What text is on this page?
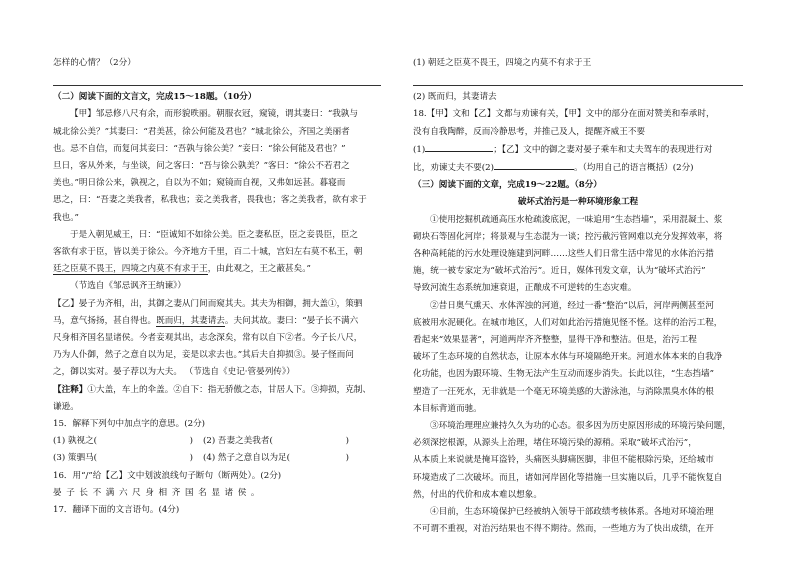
怎样的心情？（2分）
（二）阅读下面的文言文，完成15～18题。（10分）
【甲】邹忌修八尺有余，而形貌昳丽。朝服衣冠，窥镜，谓其妻曰：“我孰与
城北徐公美？”其妻曰：“君美甚，徐公何能及君也？”城北徐公，齐国之美丽者
也。忌不自信，而复问其妾曰：“吾孰与徐公美？”妾曰：“徐公何能及君也？”
旦日，客从外来，与坐谈，问之客曰：“吾与徐公孰美？”客曰：“徐公不若君之
美也。”明日徐公来，孰视之，自以为不如；窥镜而自视，又弗如远甚。暮寝而
思之，曰：“吾妻之美我者，私我也；妾之美我者，畏我也；客之美我者，欲有求于
我也。”
于是入朝见威王，曰：“臣诚知不如徐公美。臣之妻私臣，臣之妾畏臣，臣之
客欲有求于臣，皆以美于徐公。今齐地方千里，百二十城，宫妇左右莫不私王，朝
廷之臣莫不畏王，四境之内莫不有求于王，由此观之，王之蔽甚矣。”
（节选自《邹忌讽齐王纳谏》）
【乙】晏子为齐相，出，其御之妻从门间而窥其夫。其夫为相御，拥大盖①，策驷
马，意气扬扬，甚自得也。既而归，其妻请去。夫问其故。妻曰：“晏子长不满六
尺身相齐国名显诸侯。今者妾观其出，志念深矣，常有以自下②者。今子长八尺，
乃为人仆御，然子之意自以为足，妾是以求去也。”其后夫自抑损③。晏子怪而问
之，御以实对。晏子荐以为大夫。 （节选自《史记·管晏列传》）
【注释】①大盖，车上的伞盖。②自下：指无骄傲之态，甘居人下。③抑损，克制、
谦逊。
15．解释下列句中加点字的意思。(2分)
(1) 孰视之(	)	(2) 吾妻之美我者(	)
(3) 策驷马(	)	(4) 然子之意自以为足(	)
16．用“/”给【乙】文中划波浪线句子断句（断两处）。(2分)
晏子长不满六尺身相齐国名显诸侯。
17．翻译下面的文言语句。(4分)
(1) 朝廷之臣莫不畏王，四境之内莫不有求于王
(2) 既而归，其妻请去
18.【甲】文和【乙】文都与劝谏有关，【甲】文中的部分在面对赞美和奉承时，
没有自我陶醉，反而冷静思考，并推己及人，提醒齐威王不要
(1)	；【乙】文中的御之妻对晏子乘车和丈夫驾车的表现进行对
比，劝谏丈夫不要(2)	。（均用自己的语言概括）(2分)
（三）阅读下面的文章，完成19～22题。（8分）
破坏式治污是一种环境形象工程
①使用挖掘机疏通高压水枪疏浚底泥，一味追用“生态挡墙”，采用混凝土、浆
砌块石等固化河岸；将景观与生态混为一谈；控污截污管网难以充分发挥效率，将
各种高耗能的污水处理设施建到河畔……这些人们日常生活中常见的水体治污措
施，统一被专家定为“破坏式治污”。近日，媒体刊发文章，认为“破坏式治污”
导致河流生态系统加速衰退，正酿成不可逆转的生态灾难。
②昔日奥气熏天、水体浑浊的河道，经过一番“整治”以后，河岸两侧甚至河
底被用水泥硬化。在城市地区，人们对如此治污措施见怪不怪。这样的治污工程，
看起来“效果显著”，河道两岸齐齐整整，显得干净和整洁。但是，治污工程
破坏了生态环境的自然状态，让原本水体与环境隔绝开来。河道水体本来的自我净
化功能，也因为跟环境、生物无法产生互动而逐步消失。长此以往，“生态挡墙”
塑造了一汪死水，无非就是一个毫无环境美感的大游泳池，与消除黑臭水体的根
本目标背道而驰。
③环境治理理应兼持久久为功的心态。很多因为历史原因形成的环境污染问题，
必须深挖根源，从源头上治理，堵住环境污染的源稍。采取“破坏式治污”，
从本质上来说就是掩耳盗铃，头痛医头脚痛医脚，非但不能根除污染，还给城市
环境造成了二次破坏。而且，诸如河岸固化等措施一旦实施以后，几乎不能恢复自
然，付出的代价和成本难以想象。
④目前，生态环境保护已经被纳入领导干部政绩考核体系。各地对环境治理
不可谓不重视，对治污结果也不得不期待。然而，一些地方为了快出成绩，在开
